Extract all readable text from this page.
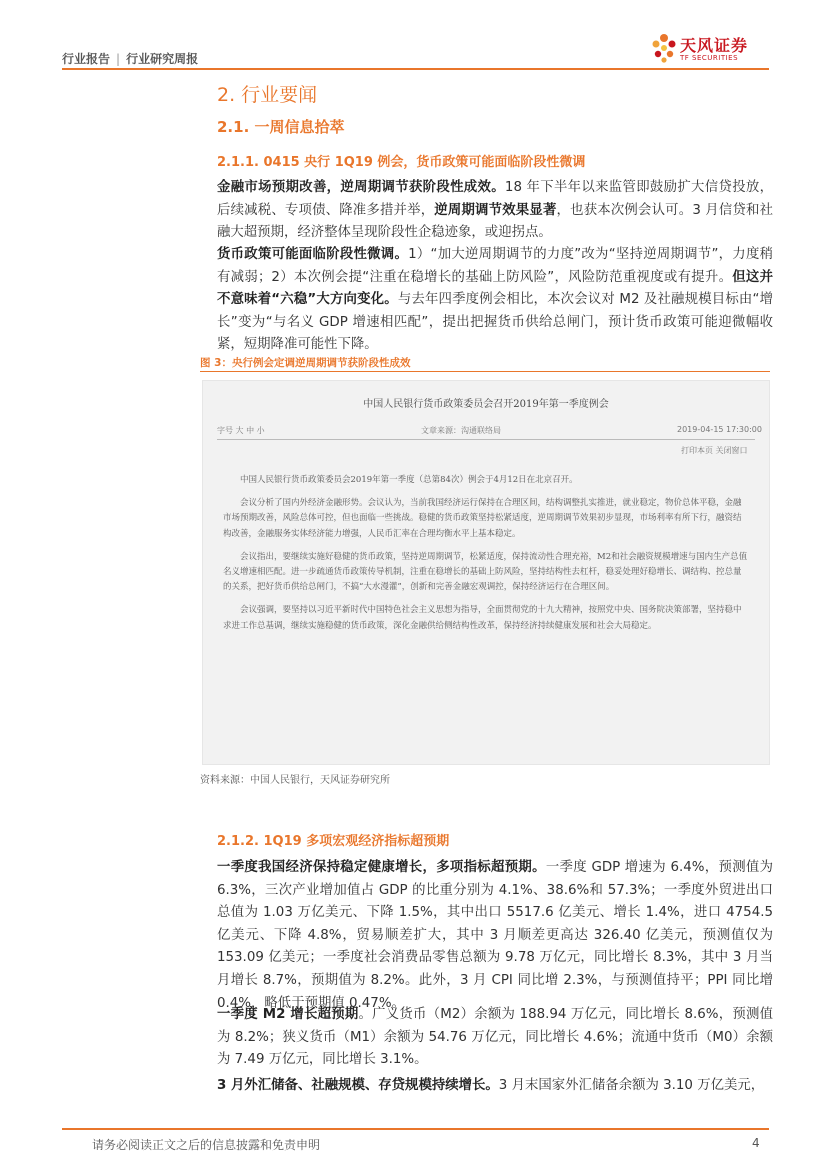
行业报告 | 行业研究周报
天风证券
TF SECURITIES
2. 行业要闻
2.1. 一周信息拾萃
2.1.1. 0415 央行 1Q19 例会，货币政策可能面临阶段性微调
金融市场预期改善，逆周期调节获阶段性成效。18 年下半年以来监管即鼓励扩大信贷投放，后续减税、专项债、降准多措并举，逆周期调节效果显著，也获本次例会认可。3 月信贷和社融大超预期，经济整体呈现阶段性企稳迹象，或迎拐点。
货币政策可能面临阶段性微调。1）“加大逆周期调节的力度”改为“坚持逆周期调节”，力度稍有减弱；2）本次例会提“注重在稳增长的基础上防风险”，风险防范重视度或有提升。但这并不意味着“六稳”大方向变化。与去年四季度例会相比，本次会议对 M2 及社融规模目标由“增长”变为“与名义 GDP 增速相匹配”，提出把握货币供给总闸门，预计货币政策可能迎微幅收紧，短期降准可能性下降。
图 3：央行例会定调逆周期调节获阶段性成效
中国人民银行货币政策委员会召开2019年第一季度例会
字号 大 中 小	文章来源：沟通联络局	2019-04-15 17:30:00
打印本页 关闭窗口

中国人民银行货币政策委员会2019年第一季度（总第84次）例会于4月12日在北京召开。

会议分析了国内外经济金融形势。会议认为，当前我国经济运行保持在合理区间，结构调整扎实推进，就业稳定，物价总体平稳，金融市场预期改善，风险总体可控，但也面临一些挑战。稳健的货币政策坚持松紧适度，逆周期调节效果初步显现，市场利率有所下行，融资结构改善，金融服务实体经济能力增强，人民币汇率在合理均衡水平上基本稳定。

会议指出，要继续实施好稳健的货币政策，坚持逆周期调节，松紧适度，保持流动性合理充裕，M2和社会融资规模增速与国内生产总值名义增速相匹配。进一步疏通货币政策传导机制，注重在稳增长的基础上防风险，坚持结构性去杠杆，稳妥处理好稳增长、调结构、控总量的关系，把好货币供给总闸门，不搞“大水漫灌”，创新和完善金融宏观调控，保持经济运行在合理区间。

会议强调，要坚持以习近平新时代中国特色社会主义思想为指导，全面贯彻党的十九大精神，按照党中央、国务院决策部署，坚持稳中求进工作总基调，继续实施稳健的货币政策，深化金融供给侧结构性改革，保持经济持续健康发展和社会大局稳定。

资料来源：中国人民银行，天风证券研究所
2.1.2. 1Q19 多项宏观经济指标超预期
一季度我国经济保持稳定健康增长，多项指标超预期。一季度 GDP 增速为 6.4%，预测值为 6.3%，三次产业增加值占 GDP 的比重分别为 4.1%、38.6%和 57.3%；一季度外贸进出口总值为 1.03 万亿美元、下降 1.5%，其中出口 5517.6 亿美元、增长 1.4%，进口 4754.5亿美元、下降 4.8%，贸易顺差扩大，其中 3 月顺差更高达 326.40 亿美元，预测值仅为 153.09 亿美元；一季度社会消费品零售总额为 9.78 万亿元，同比增长 8.3%，其中 3 月当月增长 8.7%，预期值为 8.2%。此外，3 月 CPI 同比增 2.3%，与预测值持平；PPI 同比增 0.4%，略低于预期值 0.47%。
一季度 M2 增长超预期。广义货币（M2）余额为 188.94 万亿元，同比增长 8.6%，预测值为 8.2%；狭义货币（M1）余额为 54.76 万亿元，同比增长 4.6%；流通中货币（M0）余额为 7.49 万亿元，同比增长 3.1%。
3 月外汇储备、社融规模、存贷规模持续增长。3 月末国家外汇储备余额为 3.10 万亿美元，
请务必阅读正文之后的信息披露和免责申明	4
